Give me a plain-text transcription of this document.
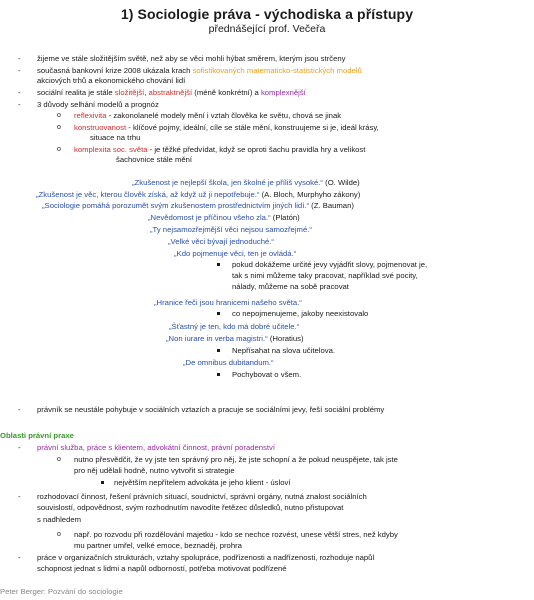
1) Sociologie práva - východiska a přístupy
přednášející prof. Večeřa
- žijeme ve stále složitějším světě, než aby se věci mohli hýbat směrem, kterým jsou strčeny
- současná bankovní krize 2008 ukázala krach sofistikovaných matematicko-statistických modelů
akciových trhů a ekonomického chování lidí
- sociální realita je stále složitější, abstraktnější (méně konkrétní) a komplexnější
- 3 důvody selhání modelů a prognóz
o reflexivita - zakonolanelé modely mění i vztah člověka ke světu, chová se jinak
o konstruovanost - klíčové pojmy, ideální, cíle se stále mění, konstruujeme si je, ideál krásy,
situace na trhu
o komplexita soc. světa - je těžké předvídat, když se oproti šachu pravidla hry a velikost
šachovnice stále mění
„Zkušenost je nejlepší škola, jen školné je příliš vysoké.“ (O. Wilde)
„Zkušenost je věc, kterou člověk získá, až když už ji nepotřebuje.“ (A. Bloch, Murphyho zákony)
„Sociologie pomáhá porozumět svým zkušenostem prostřednictvím jiných lidí.“ (Z. Bauman)
„Nevědomost je příčinou všeho zla.“ (Platón)
„Ty nejsamozřejmější věci nejsou samozřejmé.“
„Velké věci bývají jednoduché.“
„Kdo pojmenuje věci, ten je ovládá.“
pokud dokážeme určité jevy vyjádřit slovy, pojmenovat je,
tak s nimi můžeme taky pracovat, například své pocity,
nálady, můžeme na sobě pracovat
„Hranice řeči jsou hranicemi našeho světa.“
co nepojmenujeme, jakoby neexistovalo
„Šťastný je ten, kdo má dobré učitele.“
„Non iurare in verba magistri.“ (Horatius)
Nepřísahat na slova učitelova.
„De omnibus dubitandum.“
Pochybovat o všem.
- právník se neustále pohybuje v sociálních vztazích a pracuje se sociálními jevy, řeší sociální problémy
Oblasti právní praxe
- právní služba, práce s klientem, advokátní činnost, právní poradenství
o nutno přesvědčit, že vy jste ten správný pro něj, že jste schopní a že pokud neuspějete, tak jste
pro něj udělali hodně, nutno vytvořit si strategie
největším nepřítelem advokáta je jeho klient - úsloví
- rozhodovací činnost, řešení právních situací, soudnictví, správní orgány, nutná znalost sociálních
souvislostí, odpovědnost, svým rozhodnutím navodíte řetězec důsledků, nutno přistupovat
s nadhledem
o např. po rozvodu při rozdělování majetku - kdo se nechce rozvést, unese větší stres, než kdyby
mu partner umřel, velké emoce, beznaděj, prohra
- práce v organizačních strukturách, vztahy spolupráce, podřízenosti a nadřízenosti, rozhoduje napůl
schopnost jednat s lidmi a napůl odborností, potřeba motivovat podřízené
Peter Berger: Pozvání do sociologie
